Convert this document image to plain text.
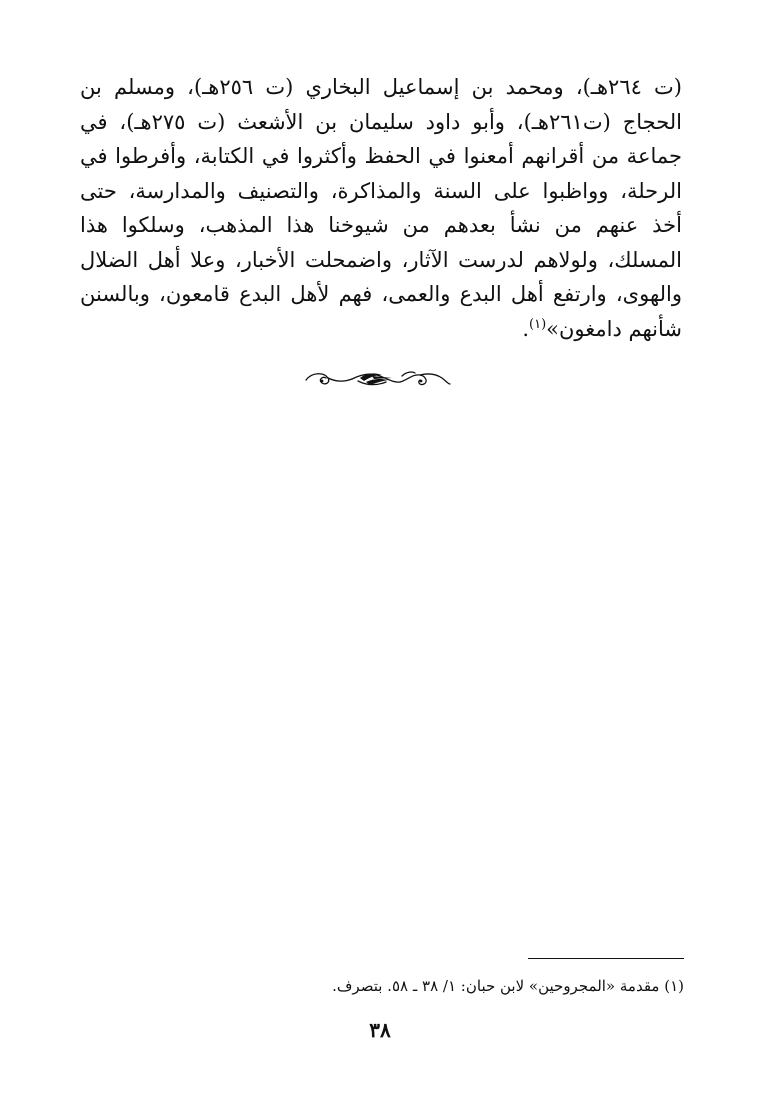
(ت ٢٦٤هـ)، ومحمد بن إسماعيل البخاري (ت ٢٥٦هـ)، ومسلم بن الحجاج (ت٢٦١هـ)، وأبو داود سليمان بن الأشعث (ت ٢٧٥هـ)، في جماعة من أقرانهم أمعنوا في الحفظ وأكثروا في الكتابة، وأفرطوا في الرحلة، وواظبوا على السنة والمذاكرة، والتصنيف والمدارسة، حتى أخذ عنهم من نشأ بعدهم من شيوخنا هذا المذهب، وسلكوا هذا المسلك، ولولاهم لدرست الآثار، واضمحلت الأخبار، وعلا أهل الضلال والهوى، وارتفع أهل البدع والعمى، فهم لأهل البدع قامعون، وبالسنن شأنهم دامغون»$^{(١)}$.

(١) مقدمة «المجروحين» لابن حبان: ١/ ٣٨ ـ ٥٨. بتصرف.
٣٨
